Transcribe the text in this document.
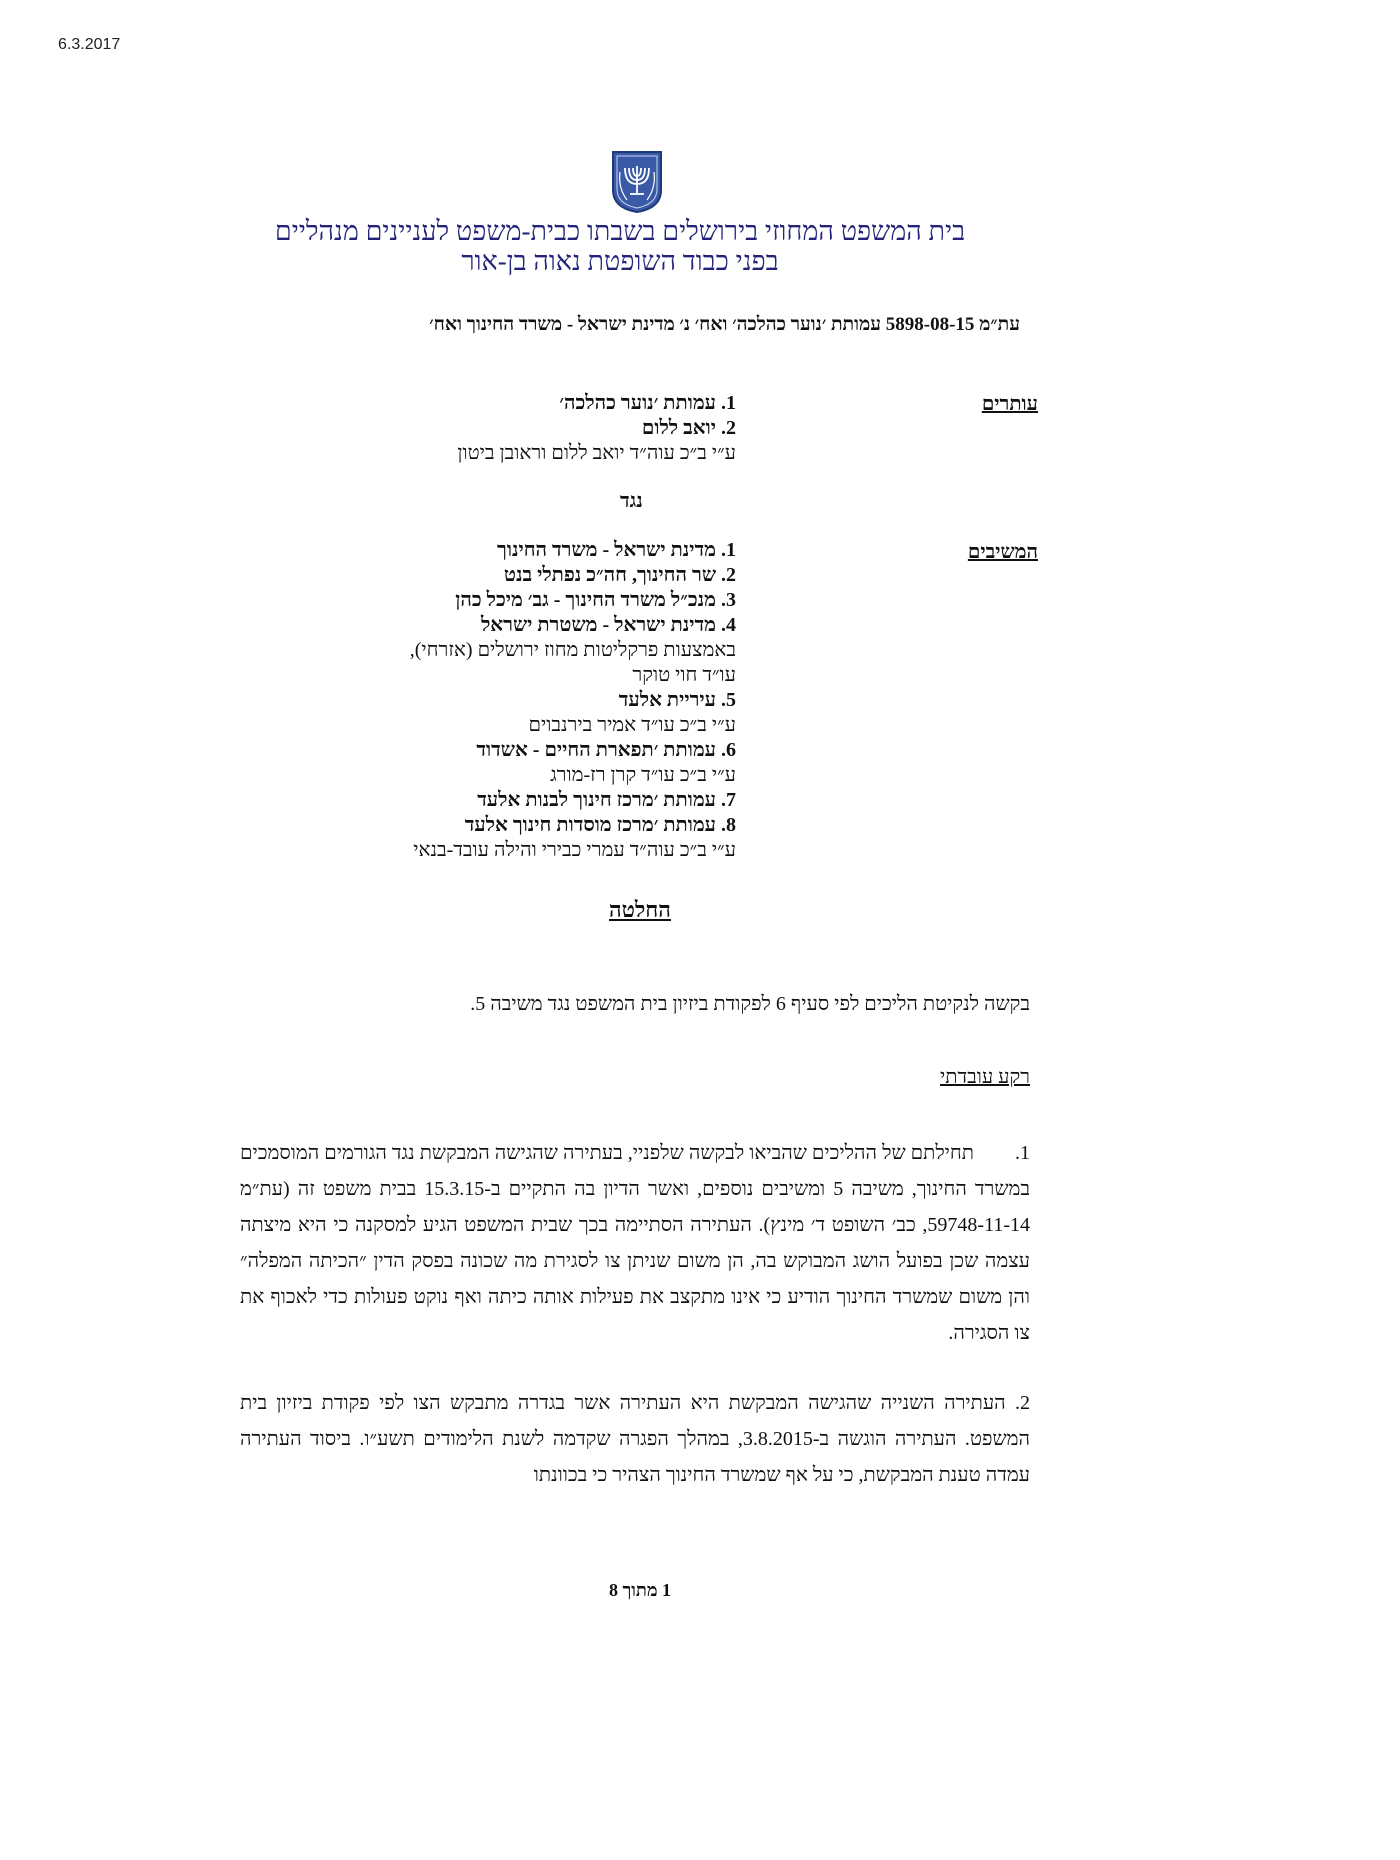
6.3.2017
בית המשפט המחוזי בירושלים בשבתו כבית-משפט לעניינים מנהליים
בפני כבוד השופטת נאוה בן-אור
עת״מ 5898-08-15 עמותת ׳נוער כהלכה׳ ואח׳ נ׳ מדינת ישראל - משרד החינוך ואח׳
עותרים
1. עמותת ׳נוער כהלכה׳
2. יואב ללום
ע״י ב״כ עוה״ד יואב ללום וראובן ביטון
נגד
המשיבים
1. מדינת ישראל - משרד החינוך
2. שר החינוך, חה״כ נפתלי בנט
3. מנכ״ל משרד החינוך - גב׳ מיכל כהן
4. מדינת ישראל - משטרת ישראל
באמצעות פרקליטות מחוז ירושלים (אזרחי),
עו״ד חוי טוקר
5. עיריית אלעד
ע״י ב״כ עו״ד אמיר בירנבוים
6. עמותת ׳תפארת החיים - אשדוד
ע״י ב״כ עו״ד קרן רז-מורג
7. עמותת ׳מרכז חינוך לבנות אלעד
8. עמותת ׳מרכז מוסדות חינוך אלעד
ע״י ב״כ עוה״ד עמרי כבירי והילה עובד-בנאי
החלטה
בקשה לנקיטת הליכים לפי סעיף 6 לפקודת ביזיון בית המשפט נגד משיבה 5.
רקע עובדתי
1. תחילתם של ההליכים שהביאו לבקשה שלפניי, בעתירה שהגישה המבקשת נגד הגורמים המוסמכים במשרד החינוך, משיבה 5 ומשיבים נוספים, ואשר הדיון בה התקיים ב-15.3.15 בבית משפט זה (עת״מ 59748-11-14, כב׳ השופט ד׳ מינץ). העתירה הסתיימה בכך שבית המשפט הגיע למסקנה כי היא מיצתה עצמה שכן בפועל הושג המבוקש בה, הן משום שניתן צו לסגירת מה שכונה בפסק הדין ״הכיתה המפלה״ והן משום שמשרד החינוך הודיע כי אינו מתקצב את פעילות אותה כיתה ואף נוקט פעולות כדי לאכוף את צו הסגירה.
2. העתירה השנייה שהגישה המבקשת היא העתירה אשר בגדרה מתבקש הצו לפי פקודת ביזיון בית המשפט. העתירה הוגשה ב-3.8.2015, במהלך הפגרה שקדמה לשנת הלימודים תשע״ו. ביסוד העתירה עמדה טענת המבקשת, כי על אף שמשרד החינוך הצהיר כי בכוונתו
1 מתוך 8
